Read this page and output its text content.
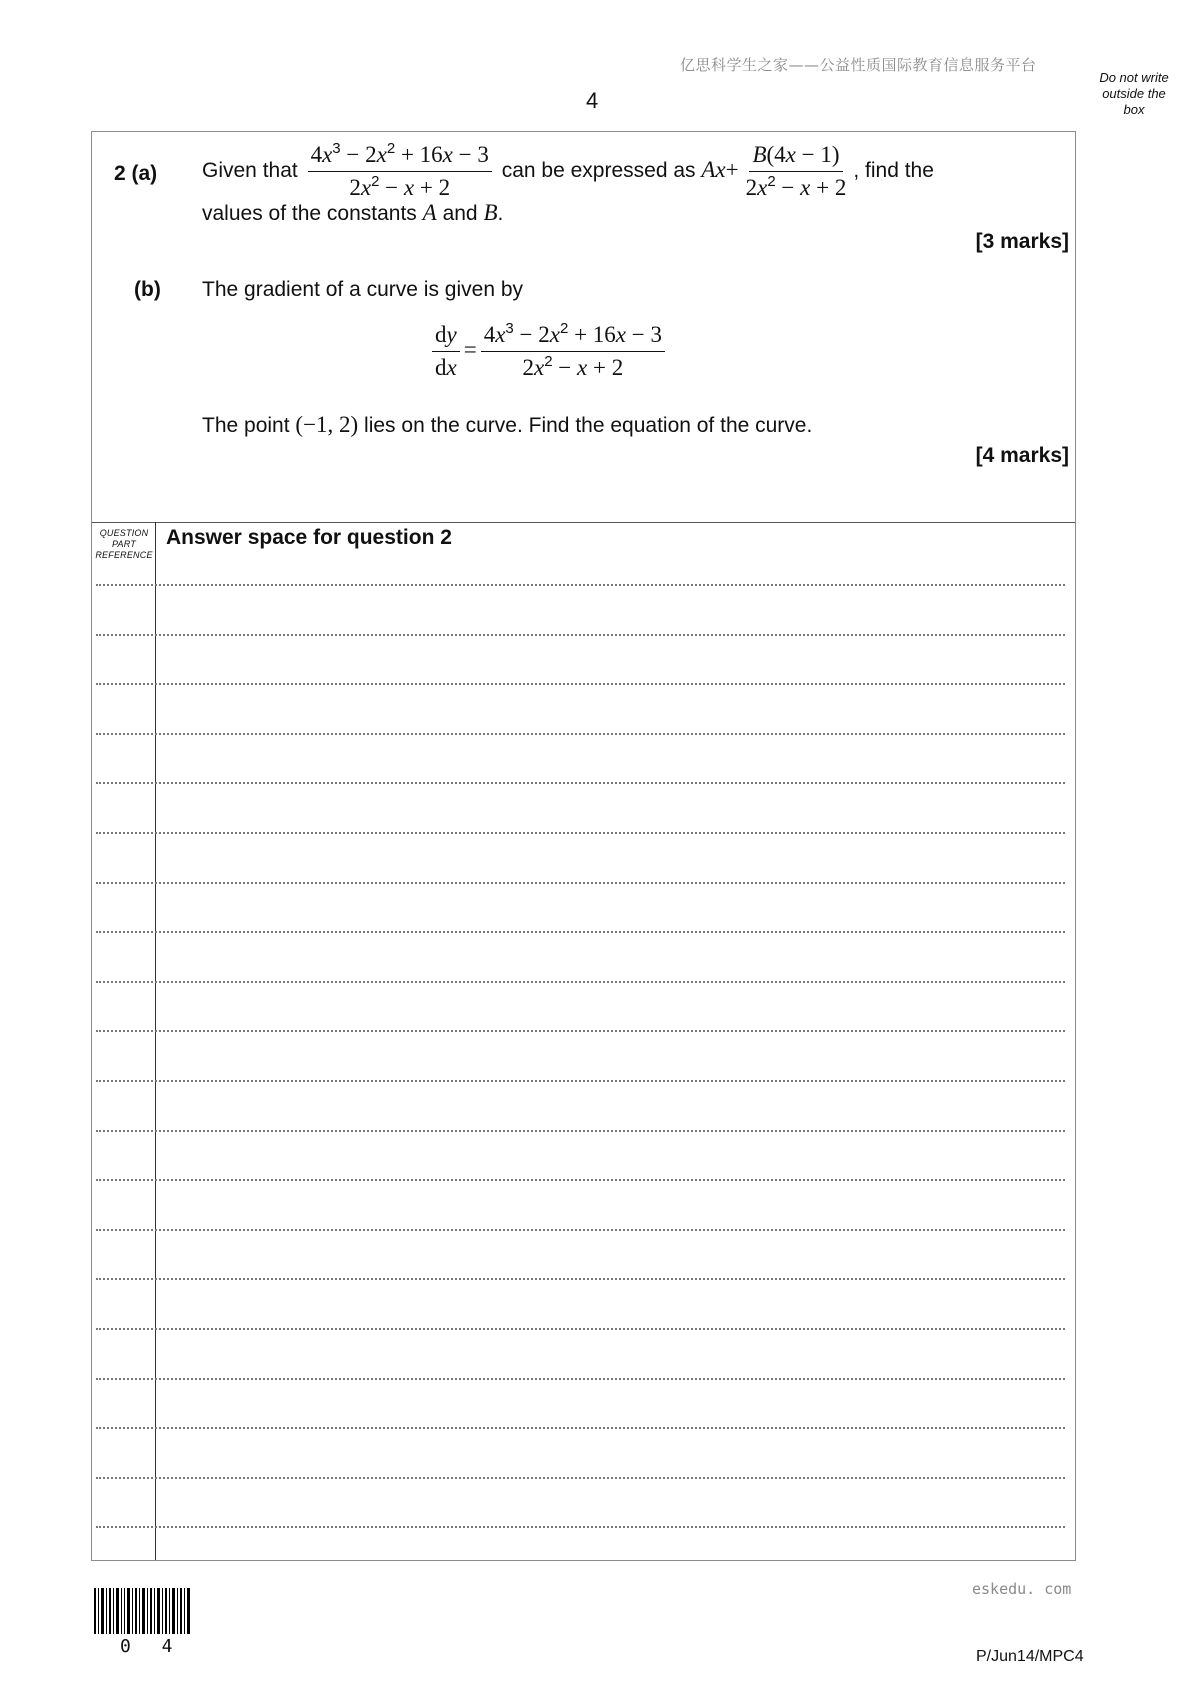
亿思科学生之家——公益性质国际教育信息服务平台
4
Do not write
outside the
box
2 (a) Given that $\frac{4x^3 - 2x^2 + 16x - 3}{2x^2 - x + 2}$ can be expressed as $Ax+ \frac{B(4x - 1)}{2x^2 - x + 2}$ , find the
values of the constants A and B.
[3 marks]
(b) The gradient of a curve is given by
$\frac{dy}{dx} = \frac{4x^3 - 2x^2 + 16x - 3}{2x^2 - x + 2}$
The point (−1, 2) lies on the curve. Find the equation of the curve.
[4 marks]
QUESTION
PART
REFERENCE
Answer space for question 2
eskedu. com
0 4	P/Jun14/MPC4
